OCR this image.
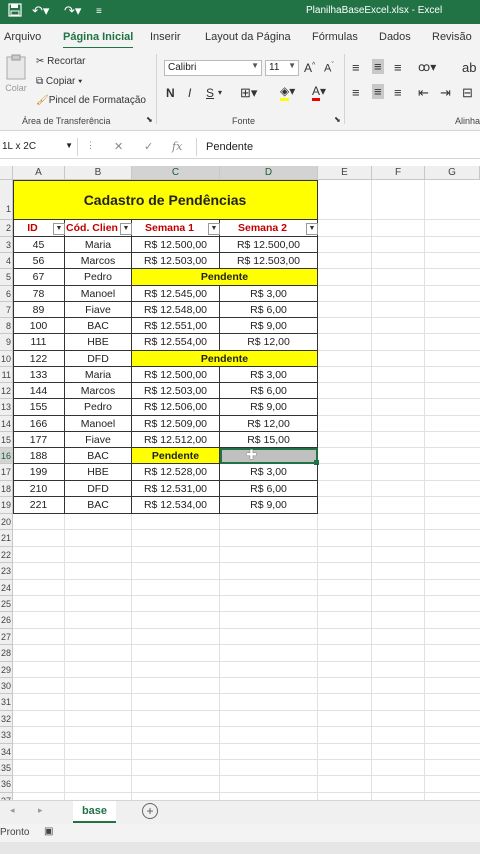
↶▾ ↷▾ ≡	PlanilhaBaseExcel.xlsx - Excel
Arquivo Página Inicial Inserir Layout da Página Fórmulas Dados Revisão
Colar
✂ Recortar
⧉ Copiar ▾
🖌Pincel de Formatação
Área de Transferência	⬊
Calibri	▼	11 ▼ A^ $A^ˇ$
N I S ▾ ⊞▾ ◈▾ A▾
Fonte	⬊
≡ ≡ ≡ ꝏ▾ ab
≡ ≡ ≡ ⇤ ⇥ ⊟
Alinha
1L x 2C	▼ ⋮ ✕ ✓ fx Pendente
A	B	C	D	E	F	G
1
2
3
4
5
6
7
8
9
10
11
12
13
14
15
16
17
18
19
20
21
22
23
24
25
26
27
28
29
30
31
32
33
34
35
36
Cadastro de Pendências
ID	▼ Cód. Clien ▼	Semana 1	▼	Semana 2	▼
45	Maria	R$ 12.500,00	R$ 12.500,00
56	Marcos	R$ 12.503,00	R$ 12.503,00
67	Pedro	Pendente
78	Manoel	R$ 12.545,00	R$ 3,00
89	Fiave	R$ 12.548,00	R$ 6,00
100	BAC	R$ 12.551,00	R$ 9,00
111	HBE	R$ 12.554,00	R$ 12,00
122	DFD	Pendente
133	Maria	R$ 12.500,00	R$ 3,00
144	Marcos	R$ 12.503,00	R$ 6,00
155	Pedro	R$ 12.506,00	R$ 9,00
166	Manoel	R$ 12.509,00	R$ 12,00
177	Fiave	R$ 12.512,00	R$ 15,00
188	BAC	Pendente	✚
199	HBE	R$ 12.528,00	R$ 3,00
210	DFD	R$ 12.531,00	R$ 6,00
221	BAC	R$ 12.534,00	R$ 9,00
◂	▸	base	+
Pronto ▣
